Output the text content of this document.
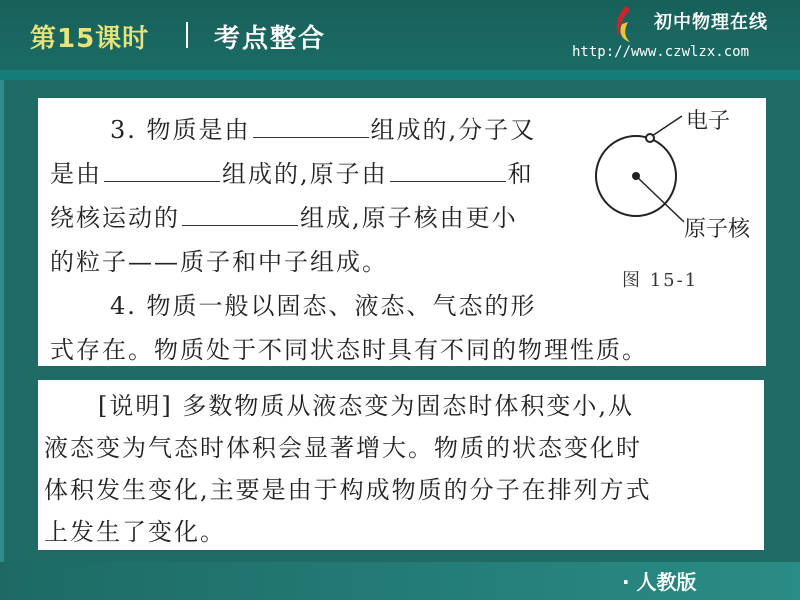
第15课时 考点整合
初中物理在线
http://www.czwlzx.com
3. 物质是由	组成的,分子又
是由	组成的,原子由	和
绕核运动的	组成,原子核由更小
的粒子——质子和中子组成。
4. 物质一般以固态、液态、气态的形
式存在。物质处于不同状态时具有不同的物理性质。
电子
原子核
图 15-1
[说明] 多数物质从液态变为固态时体积变小,从
液态变为气态时体积会显著增大。物质的状态变化时
体积发生变化,主要是由于构成物质的分子在排列方式
上发生了变化。
· 人教版
